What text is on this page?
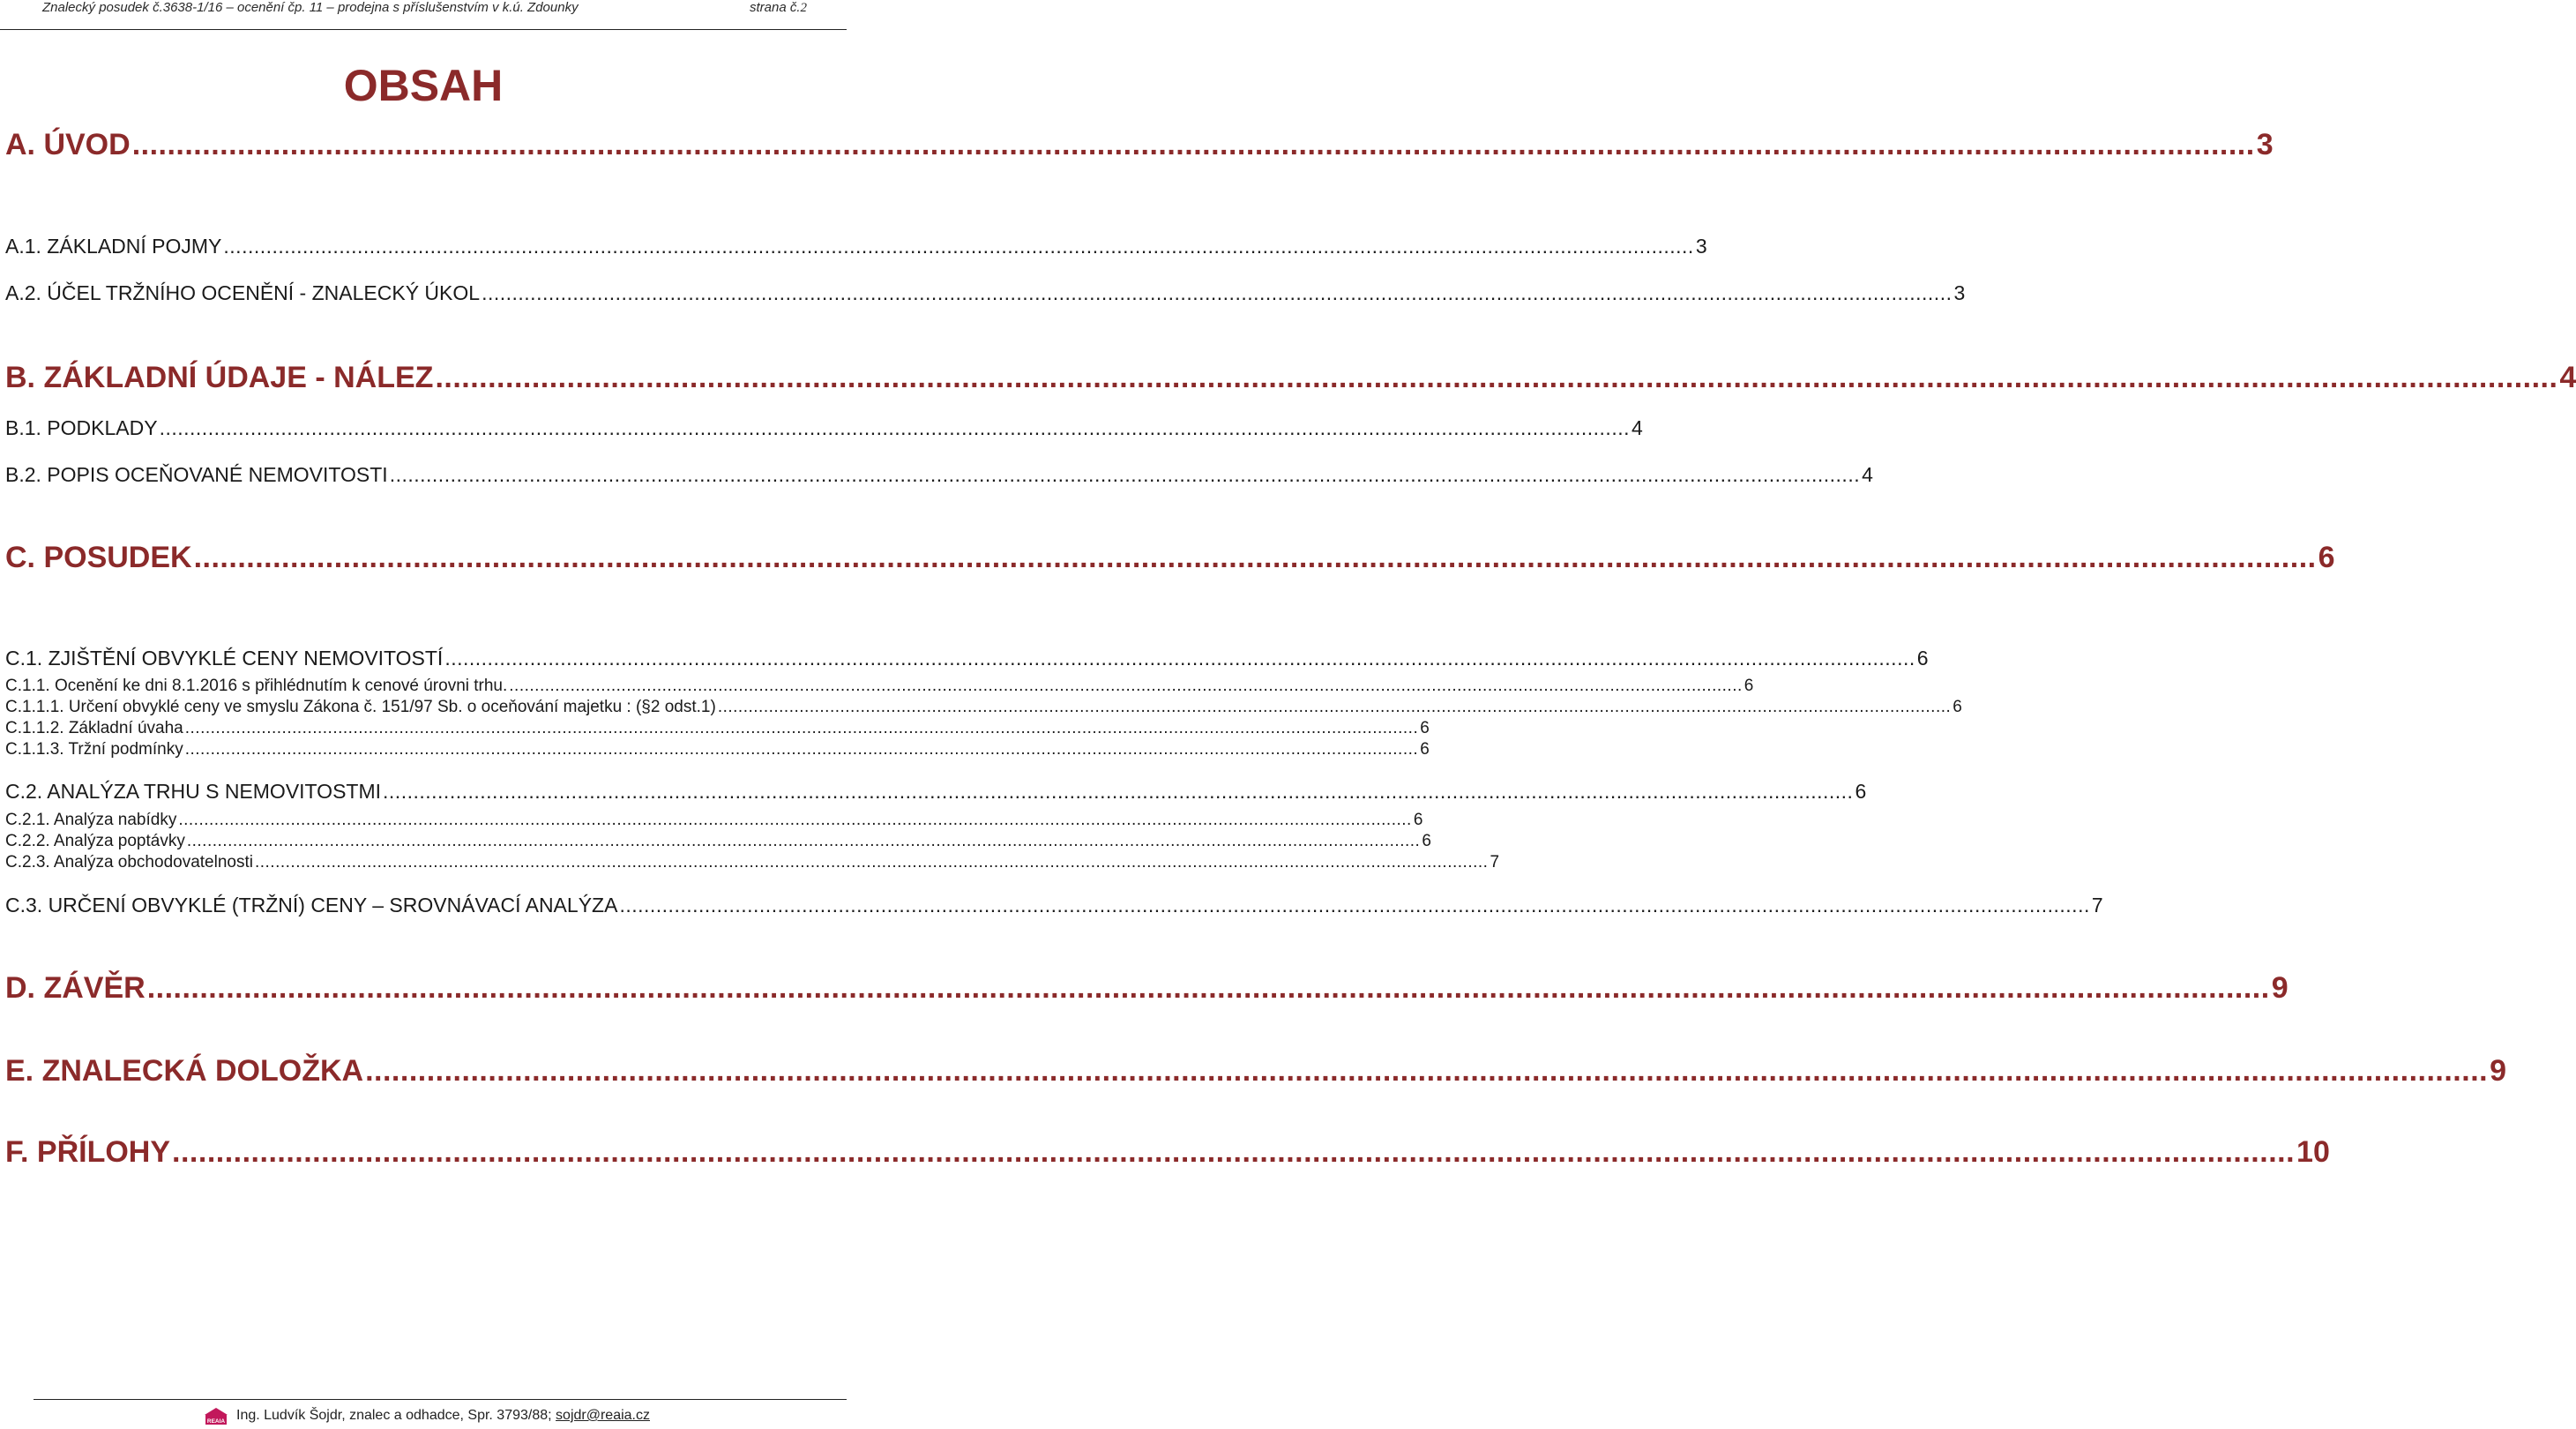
Znalecký posudek č.3638-1/16 – ocenění čp. 11 – prodejna s příslušenstvím v k.ú. Zdounky	strana č.2
OBSAH
A. ÚVOD .................................................................................................................................................................................................................................................. 3
A.1. ZÁKLADNÍ POJMY .................................................................................................................................................................................................................................................. 3
A.2. ÚČEL TRŽNÍHO OCENĚNÍ - ZNALECKÝ ÚKOL .................................................................................................................................................................................................................................................. 3
B. ZÁKLADNÍ ÚDAJE - NÁLEZ .................................................................................................................................................................................................................................................. 4
B.1. PODKLADY .................................................................................................................................................................................................................................................. 4
B.2. POPIS OCEŇOVANÉ NEMOVITOSTI .................................................................................................................................................................................................................................................. 4
C. POSUDEK .................................................................................................................................................................................................................................................. 6
C.1. ZJIŠTĚNÍ OBVYKLÉ CENY NEMOVITOSTÍ .................................................................................................................................................................................................................................................. 6
C.1.1. Ocenění ke dni 8.1.2016 s přihlédnutím k cenové úrovni trhu. .................................................................................................................................................................................................................................................. 6
C.1.1.1. Určení obvyklé ceny ve smyslu Zákona č. 151/97 Sb. o oceňování majetku : (§2 odst.1) .................................................................................................................................................................................................................................................. 6
C.1.1.2. Základní úvaha .................................................................................................................................................................................................................................................. 6
C.1.1.3. Tržní podmínky .................................................................................................................................................................................................................................................. 6
C.2. ANALÝZA TRHU S NEMOVITOSTMI .................................................................................................................................................................................................................................................. 6
C.2.1. Analýza nabídky .................................................................................................................................................................................................................................................. 6
C.2.2. Analýza poptávky .................................................................................................................................................................................................................................................. 6
C.2.3. Analýza obchodovatelnosti .................................................................................................................................................................................................................................................. 7
C.3. URČENÍ OBVYKLÉ (TRŽNÍ) CENY – SROVNÁVACÍ ANALÝZA .................................................................................................................................................................................................................................................. 7
D. ZÁVĚR .................................................................................................................................................................................................................................................. 9
E. ZNALECKÁ DOLOŽKA .................................................................................................................................................................................................................................................. 9
F. PŘÍLOHY .................................................................................................................................................................................................................................................. 10
REAIA Ing. Ludvík Šojdr, znalec a odhadce, Spr. 3793/88;
sojdr@reaia.cz
